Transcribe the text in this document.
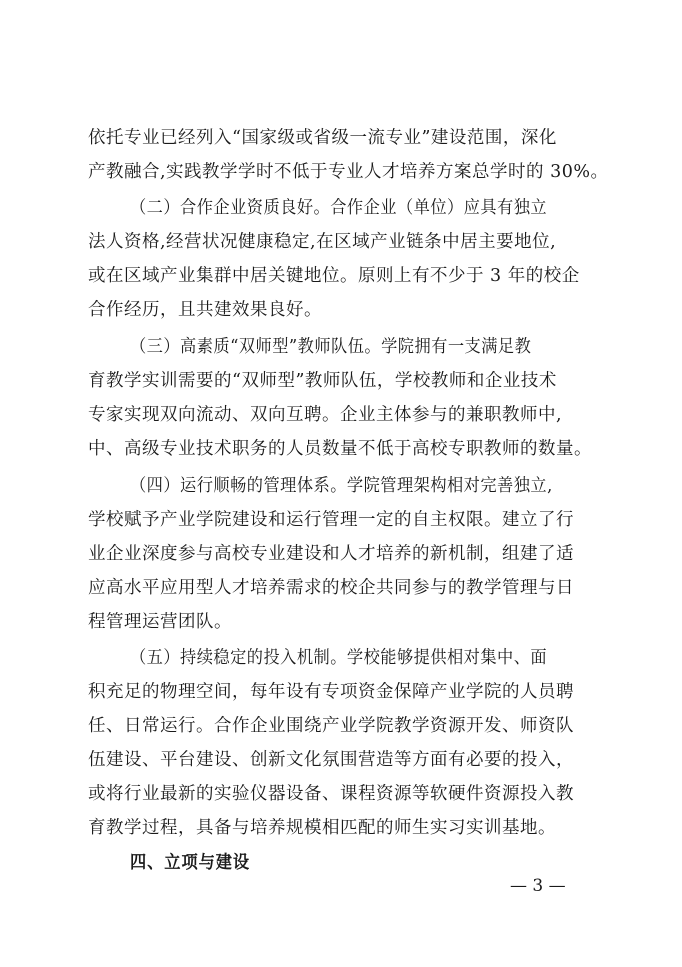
依托专业已经列入“国家级或省级一流专业”建设范围，深化
产教融合,实践教学学时不低于专业人才培养方案总学时的 30%。
（二）合作企业资质良好。合作企业（单位）应具有独立
法人资格,经营状况健康稳定,在区域产业链条中居主要地位,
或在区域产业集群中居关键地位。原则上有不少于 3 年的校企
合作经历，且共建效果良好。
（三）高素质“双师型”教师队伍。学院拥有一支满足教
育教学实训需要的“双师型”教师队伍，学校教师和企业技术
专家实现双向流动、双向互聘。企业主体参与的兼职教师中,
中、高级专业技术职务的人员数量不低于高校专职教师的数量。
（四）运行顺畅的管理体系。学院管理架构相对完善独立,
学校赋予产业学院建设和运行管理一定的自主权限。建立了行
业企业深度参与高校专业建设和人才培养的新机制，组建了适
应高水平应用型人才培养需求的校企共同参与的教学管理与日
程管理运营团队。
（五）持续稳定的投入机制。学校能够提供相对集中、面
积充足的物理空间，每年设有专项资金保障产业学院的人员聘
任、日常运行。合作企业围绕产业学院教学资源开发、师资队
伍建设、平台建设、创新文化氛围营造等方面有必要的投入，
或将行业最新的实验仪器设备、课程资源等软硬件资源投入教
育教学过程，具备与培养规模相匹配的师生实习实训基地。
四、立项与建设
— 3 —
